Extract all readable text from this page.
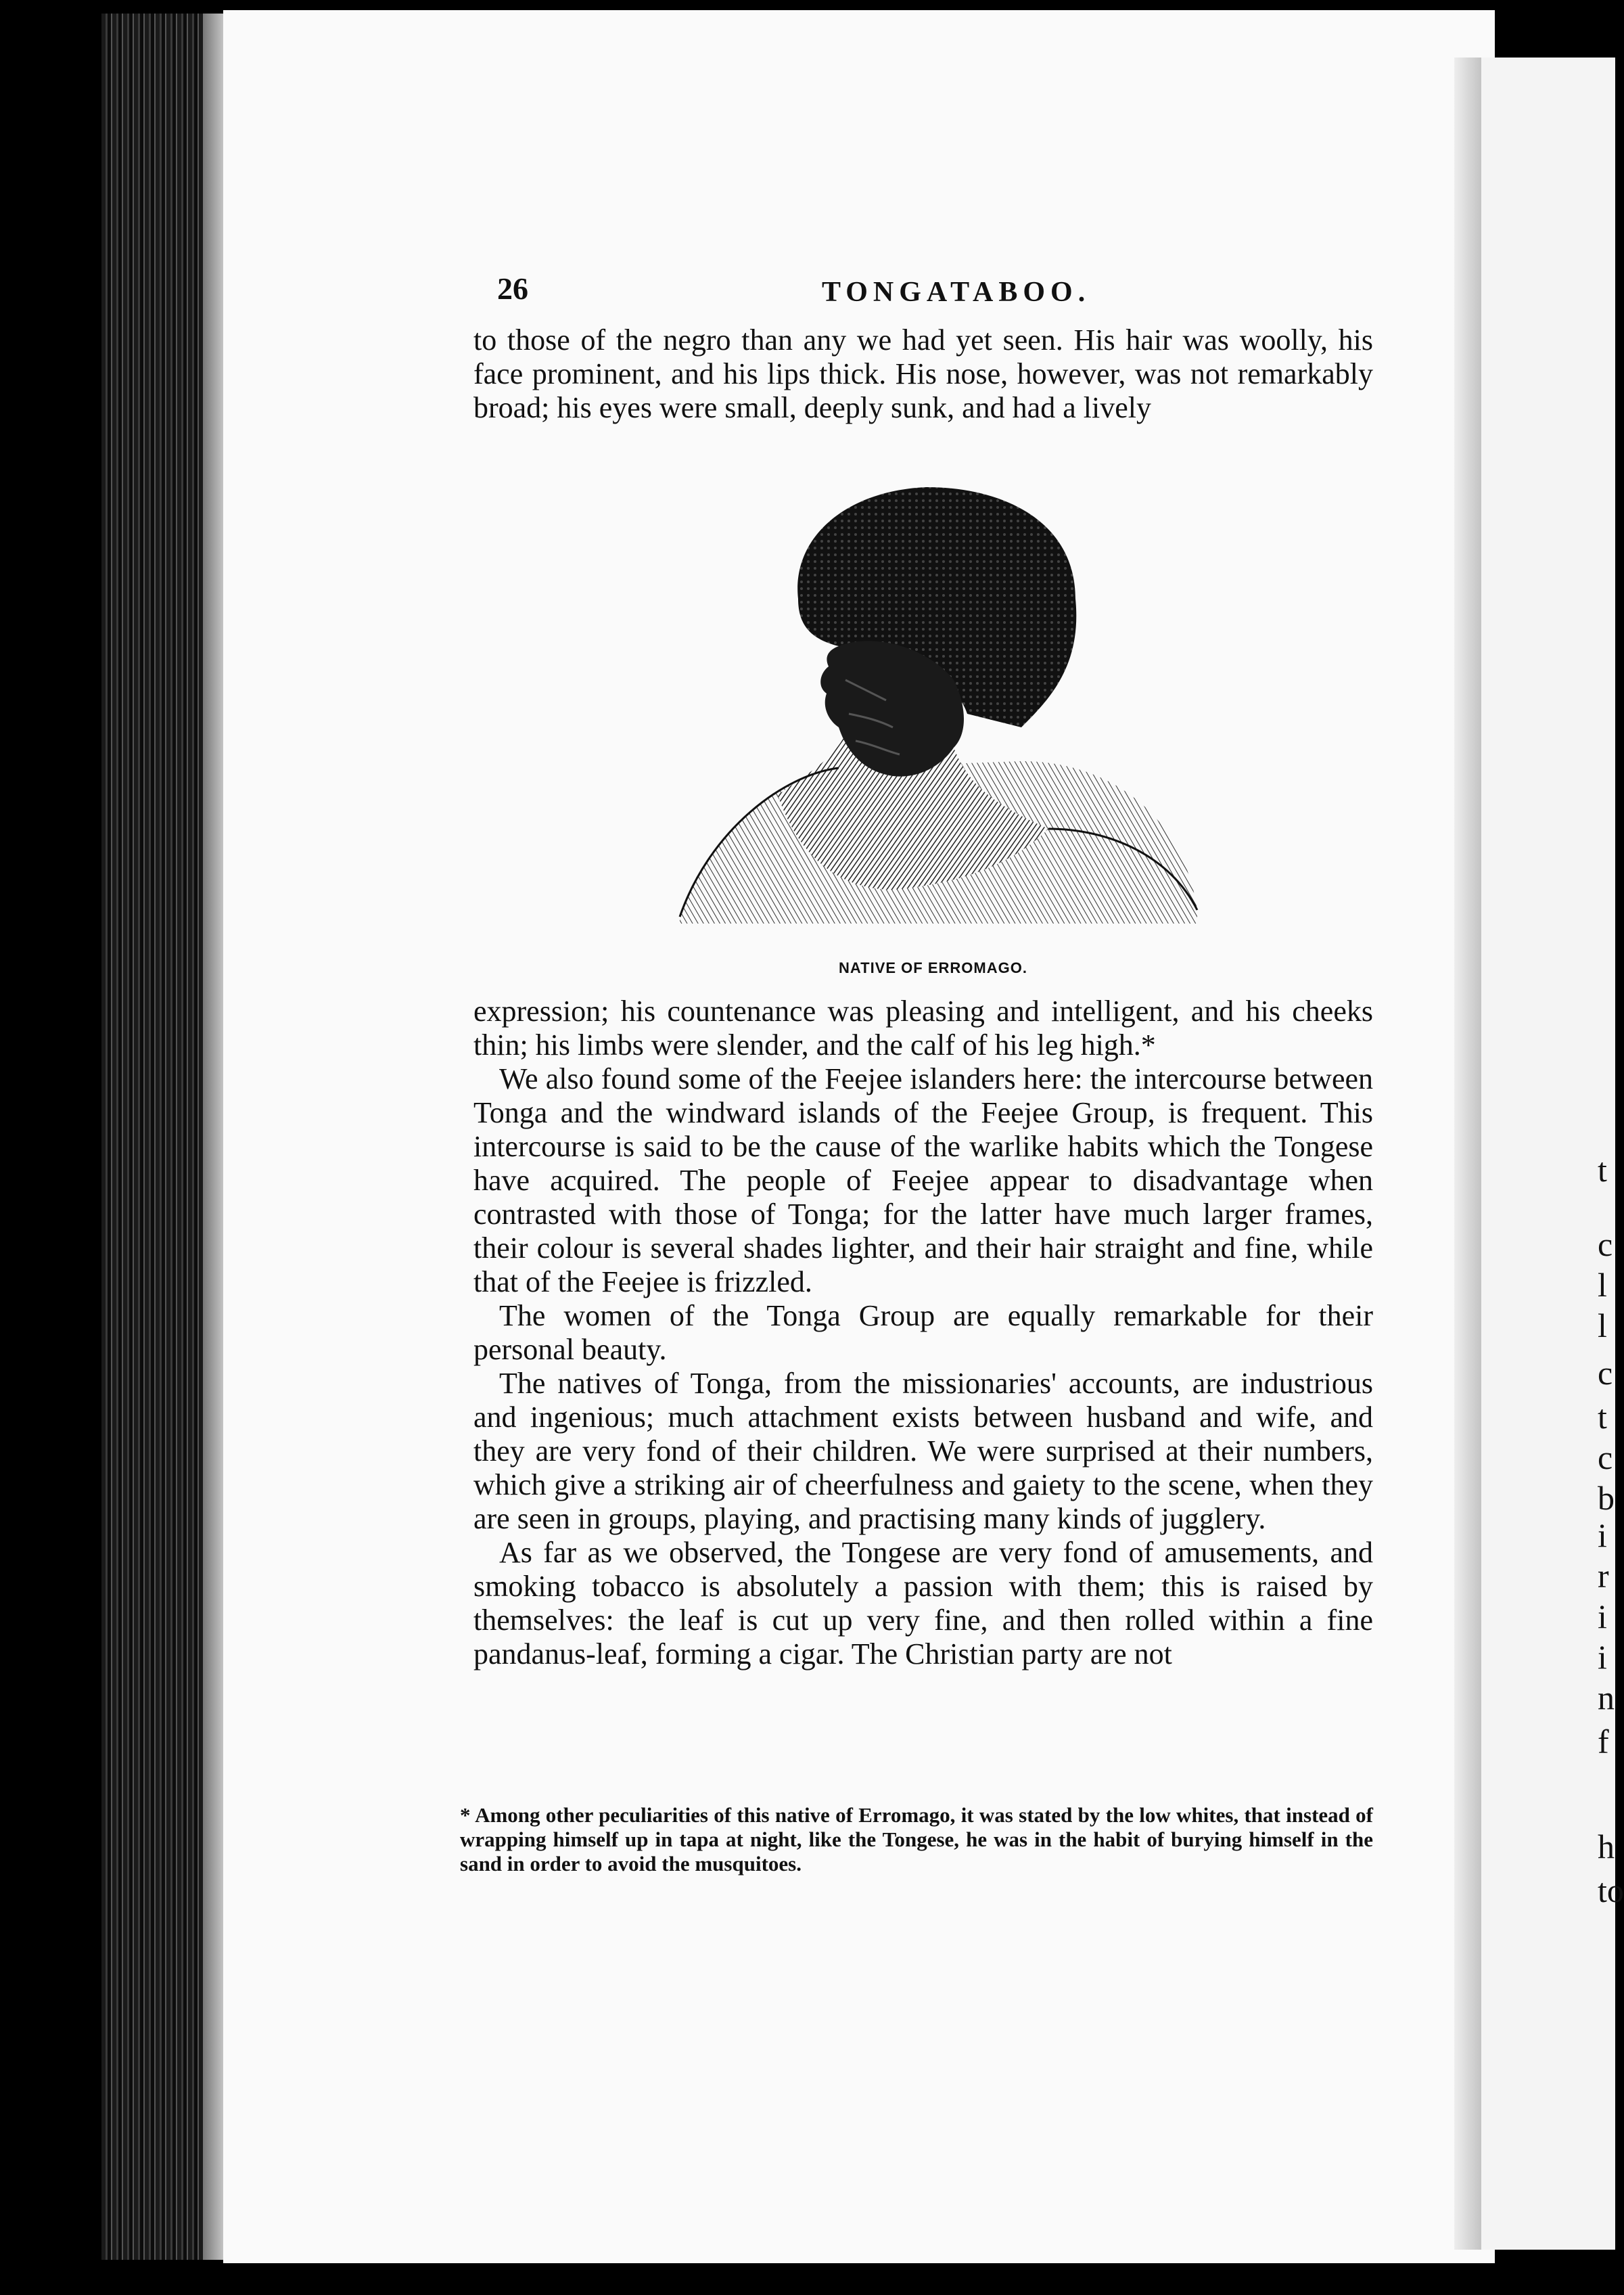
t
c
l
l
c
t
c
b
i
r
i
i
n
f
h
to
26	TONGATABOO.

to those of the negro than any we had yet seen. His hair was woolly, his face prominent, and his lips thick. His nose, however, was not remarkably broad; his eyes were small, deeply sunk, and had a lively

NATIVE OF ERROMAGO.

expression; his countenance was pleasing and intelligent, and his cheeks thin; his limbs were slender, and the calf of his leg high.*

We also found some of the Feejee islanders here: the intercourse between Tonga and the windward islands of the Feejee Group, is frequent. This intercourse is said to be the cause of the warlike habits which the Tongese have acquired. The people of Feejee appear to disadvantage when contrasted with those of Tonga; for the latter have much larger frames, their colour is several shades lighter, and their hair straight and fine, while that of the Feejee is frizzled.

The women of the Tonga Group are equally remarkable for their personal beauty.

The natives of Tonga, from the missionaries' accounts, are industrious and ingenious; much attachment exists between husband and wife, and they are very fond of their children. We were surprised at their numbers, which give a striking air of cheerfulness and gaiety to the scene, when they are seen in groups, playing, and practising many kinds of jugglery.

As far as we observed, the Tongese are very fond of amusements, and smoking tobacco is absolutely a passion with them; this is raised by themselves: the leaf is cut up very fine, and then rolled within a fine pandanus-leaf, forming a cigar. The Christian party are not

* Among other peculiarities of this native of Erromago, it was stated by the low whites, that instead of wrapping himself up in tapa at night, like the Tongese, he was in the habit of burying himself in the sand in order to avoid the musquitoes.
